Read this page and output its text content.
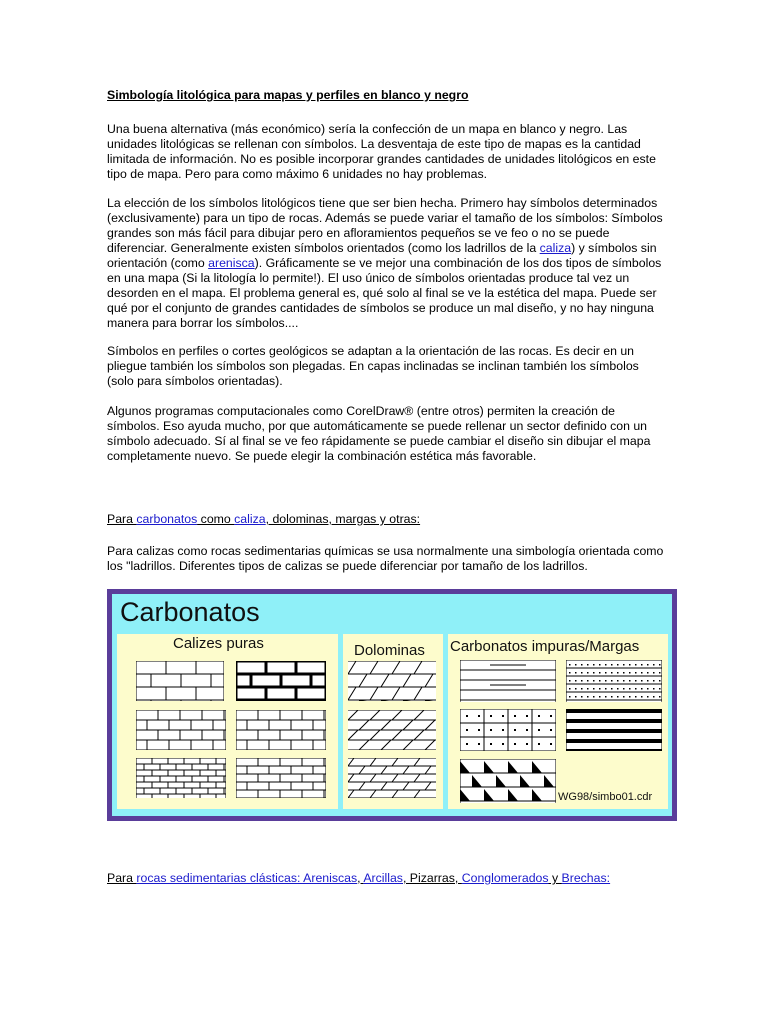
Simbología litológica para mapas y perfiles en blanco y negro

Una buena alternativa (más económico) sería la confección de un mapa en blanco y negro. Las unidades litológicas se rellenan con símbolos. La desventaja de este tipo de mapas es la cantidad limitada de información. No es posible incorporar grandes cantidades de unidades litológicos en este tipo de mapa. Pero para como máximo 6 unidades no hay problemas.

La elección de los símbolos litológicos tiene que ser bien hecha. Primero hay símbolos determinados (exclusivamente) para un tipo de rocas. Además se puede variar el tamaño de los símbolos: Símbolos grandes son más fácil para dibujar pero en afloramientos pequeños se ve feo o no se puede diferenciar. Generalmente existen símbolos orientados (como los ladrillos de la caliza) y símbolos sin orientación (como arenisca). Gráficamente se ve mejor una combinación de los dos tipos de símbolos en una mapa (Si la litología lo permite!). El uso único de símbolos orientadas produce tal vez un desorden en el mapa. El problema general es, qué solo al final se ve la estética del mapa. Puede ser qué por el conjunto de grandes cantidades de símbolos se produce un mal diseño, y no hay ninguna manera para borrar los símbolos....

Símbolos en perfiles o cortes geológicos se adaptan a la orientación de las rocas. Es decir en un pliegue también los símbolos son plegadas. En capas inclinadas se inclinan también los símbolos (solo para símbolos orientadas).

Algunos programas computacionales como CorelDraw® (entre otros) permiten la creación de símbolos. Eso ayuda mucho, por que automáticamente se puede rellenar un sector definido con un símbolo adecuado. Sí al final se ve feo rápidamente se puede cambiar el diseño sin dibujar el mapa completamente nuevo. Se puede elegir la combinación estética más favorable.

Para carbonatos como caliza, dolominas, margas y otras:

Para calizas como rocas sedimentarias químicas se usa normalmente una simbología orientada como los "ladrillos. Diferentes tipos de calizas se puede diferenciar por tamaño de los ladrillos.

Carbonatos
Calizes puras	Dolominas Carbonatos impuras/Margas
WG98/simbo01.cdr

Para rocas sedimentarias clásticas: Areniscas, Arcillas, Pizarras, Conglomerados y Brechas:
